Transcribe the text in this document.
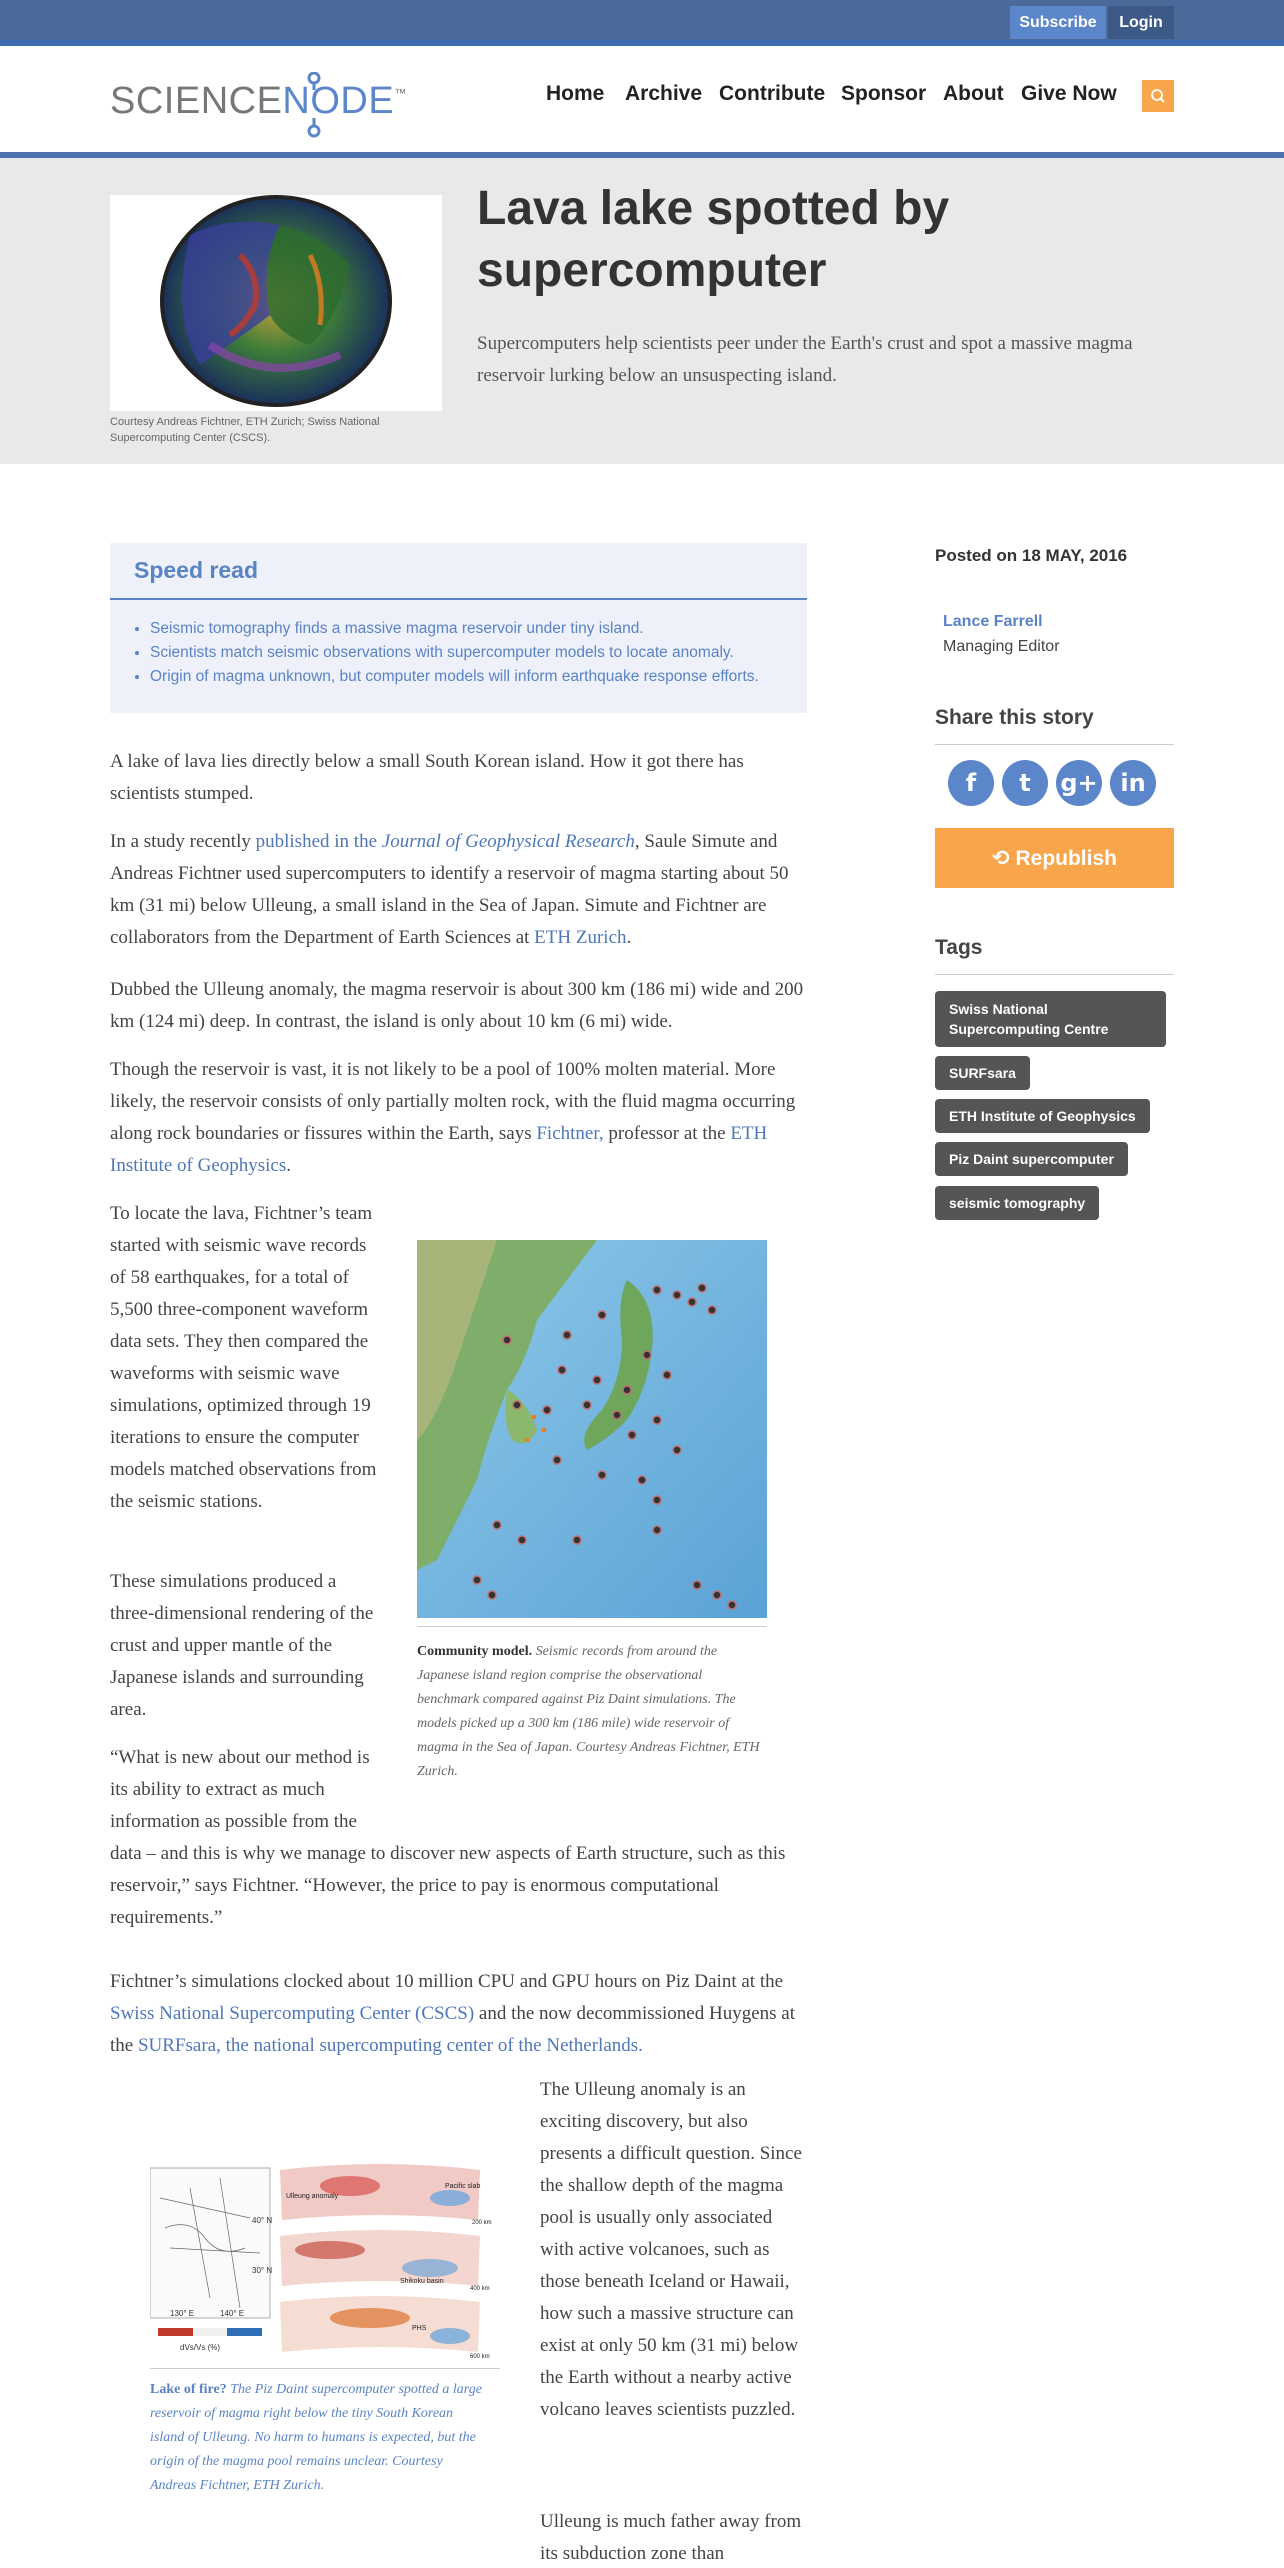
Subscribe	Login
SCIENCENODE™	Home Archive Contribute Sponsor About Give Now
Courtesy Andreas Fichtner, ETH Zurich; Swiss National Supercomputing Center (CSCS).
Lava lake spotted by
supercomputer
Supercomputers help scientists peer under the Earth's crust and spot a massive magma reservoir lurking below an unsuspecting island.
Speed read
• Seismic tomography finds a massive magma reservoir under tiny island.
• Scientists match seismic observations with supercomputer models to locate anomaly.
• Origin of magma unknown, but computer models will inform earthquake response efforts.
A lake of lava lies directly below a small South Korean island. How it got there has scientists stumped.
In a study recently published in the Journal of Geophysical Research, Saule Simute and Andreas Fichtner used supercomputers to identify a reservoir of magma starting about 50 km (31 mi) below Ulleung, a small island in the Sea of Japan. Simute and Fichtner are collaborators from the Department of Earth Sciences at ETH Zurich.
Dubbed the Ulleung anomaly, the magma reservoir is about 300 km (186 mi) wide and 200 km (124 mi) deep. In contrast, the island is only about 10 km (6 mi) wide.
Though the reservoir is vast, it is not likely to be a pool of 100% molten material. More likely, the reservoir consists of only partially molten rock, with the fluid magma occurring along rock boundaries or fissures within the Earth, says Fichtner, professor at the ETH Institute of Geophysics.
To locate the lava, Fichtner’s team started with seismic wave records of 58 earthquakes, for a total of 5,500 three-component waveform data sets. They then compared the waveforms with seismic wave simulations, optimized through 19 iterations to ensure the computer models matched observations from the seismic stations.
These simulations produced a three-dimensional rendering of the crust and upper mantle of the Japanese islands and surrounding area.
“What is new about our method is its ability to extract as much information as possible from the
data – and this is why we manage to discover new aspects of Earth structure, such as this reservoir,” says Fichtner. “However, the price to pay is enormous computational requirements.”
Community model. Seismic records from around the Japanese island region comprise the observational benchmark compared against Piz Daint simulations. The models picked up a 300 km (186 mile) wide reservoir of magma in the Sea of Japan. Courtesy Andreas Fichtner, ETH Zurich.
Fichtner’s simulations clocked about 10 million CPU and GPU hours on Piz Daint at the Swiss National Supercomputing Center (CSCS) and the now decommissioned Huygens at the SURFsara, the national supercomputing center of the Netherlands.
40° N
30° N
130° E	140° E
dVs/Vs (%)
Ulleung anomaly
Pacific slab
Shikoku basin
PHS
200 km
400 km
600 km
Lake of fire? The Piz Daint supercomputer spotted a large reservoir of magma right below the tiny South Korean island of Ulleung. No harm to humans is expected, but the origin of the magma pool remains unclear. Courtesy Andreas Fichtner, ETH Zurich.
The Ulleung anomaly is an exciting discovery, but also presents a difficult question. Since the shallow depth of the magma pool is usually only associated with active volcanoes, such as those beneath Iceland or Hawaii, how such a massive structure can exist at only 50 km (31 mi) below the Earth without a nearby active volcano leaves scientists puzzled.
Ulleung is much father away from its subduction zone than
Posted on 18 MAY, 2016
Lance Farrell
Managing Editor
Share this story
f	t	g+ in
⟲ Republish
Tags
Swiss National Supercomputing Centre
SURFsara
ETH Institute of Geophysics
Piz Daint supercomputer
seismic tomography
